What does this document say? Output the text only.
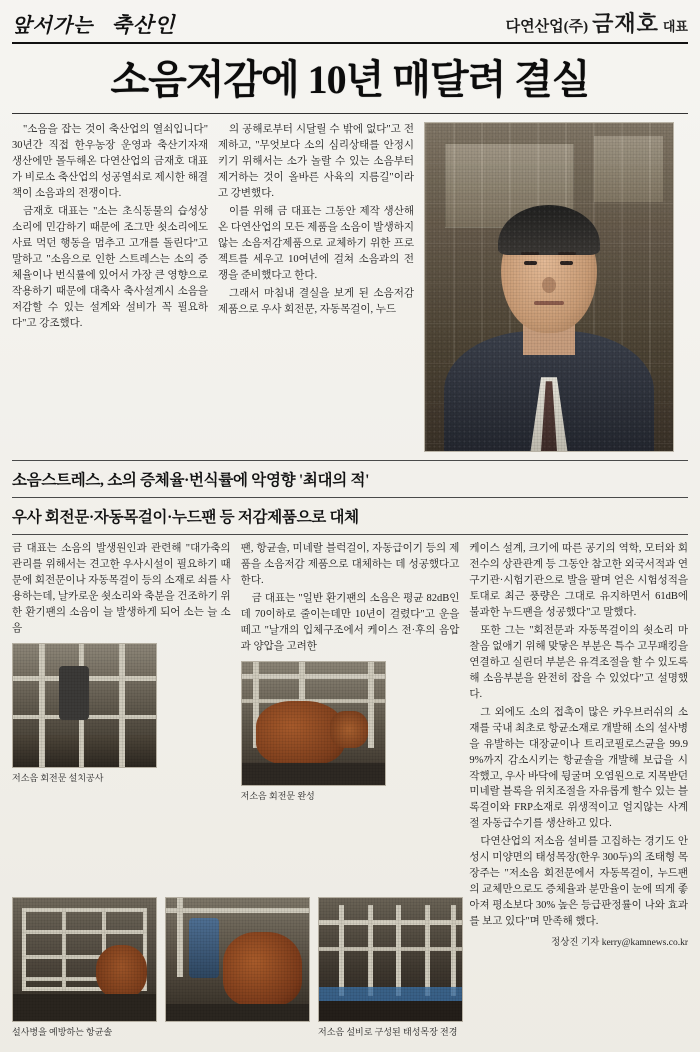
앞서가는 축산인	다연산업(주) 금재호 대표
소음저감에 10년 매달려 결실

"소음을 잡는 것이 축산업의 열쇠입니다" 30년간 직접 한우농장 운영과 축산기자재 생산에만 몰두해온 다연산업의 금재호 대표가 비로소 축산업의 성공열쇠로 제시한 해결책이 소음과의 전쟁이다.

금재호 대표는 "소는 초식동물의 습성상 소리에 민감하기 때문에 조그만 쇳소리에도 사료 먹던 행동을 멈추고 고개를 돌린다"고 말하고 "소음으로 인한 스트레스는 소의 증체율이나 번식률에 있어서 가장 큰 영향으로 작용하기 때문에 대축사 축사설계시 소음을 저감할 수 있는 설계와 설비가 꼭 필요하다"고 강조했다.

의 공해로부터 시달릴 수 밖에 없다"고 전제하고, "무엇보다 소의 심리상태를 안정시키기 위해서는 소가 놀랄 수 있는 소음부터 제거하는 것이 올바른 사육의 지름길"이라고 강변했다.

이를 위해 금 대표는 그동안 제작 생산해온 다연산업의 모든 제품을 소음이 발생하지 않는 소음저감제품으로 교체하기 위한 프로젝트를 세우고 10여년에 걸쳐 소음과의 전쟁을 준비했다고 한다.

그래서 마침내 결실을 보게 된 소음저감 제품으로 우사 회전문, 자동목걸이, 누드

소음스트레스, 소의 증체율·번식률에 악영향 '최대의 적'
우사 회전문·자동목걸이·누드팬 등 저감제품으로 대체

금 대표는 소음의 발생원인과 관련해 "대가축의 관리를 위해서는 견고한 우사시설이 필요하기 때문에 회전문이나 자동목걸이 등의 소재로 쇠를 사용하는데, 날카로운 쇳소리와 축분을 건조하기 위한 환기팬의 소음이 늘 발생하게 되어 소는 늘 소음

저소음 회전문 설치공사

팬, 항균솔, 미네랄 블럭걸이, 자동급이기 등의 제품을 소음저감 제품으로 대체하는 데 성공했다고 한다.

금 대표는 "일반 환기팬의 소음은 평균 82dB인데 70이하로 줄이는데만 10년이 걸렸다"고 운을 떼고 "날개의 입체구조에서 케이스 전·후의 음압과 양압을 고려한

저소음 회전문 완성

케이스 설계, 크기에 따른 공기의 역학, 모터와 회전수의 상관관계 등 그동안 참고한 외국서적과 연구기관·시험기관으로 발을 팔며 얻은 시험성적을 토대로 최근 풍량은 그대로 유지하면서 61dB에 불과한 누드팬을 성공했다"고 말했다.

또한 그는 "회전문과 자동목걸이의 쇳소리 마찰음 없애기 위해 맞닿은 부분은 특수 고무패킹을 연결하고 실린더 부분은 유격조절을 할 수 있도록 해 소음부분을 완전히 잡을 수 있었다"고 설명했다.

그 외에도 소의 접촉이 많은 카우브러쉬의 소재를 국내 최초로 항균소재로 개발해 소의 설사병을 유발하는 대장균이나 트리코필로스균을 99.99%까지 감소시키는 항균솔을 개발해 보급을 시작했고, 우사 바닥에 뒹굴며 오염원으로 지목받던 미네랄 블록을 위치조절을 자유롭게 할수 있는 블록걸이와 FRP소재로 위생적이고 얼지않는 사계절 자동급수기를 생산하고 있다.

다연산업의 저소음 설비를 고집하는 경기도 안성시 미양면의 태성목장(한우 300두)의 조태형 목장주는 "저소음 회전문에서 자동목걸이, 누드팬의 교체만으로도 증체율과 분만율이 눈에 띄게 좋아져 평소보다 30% 높은 등급판정률이 나와 효과를 보고 있다"며 만족해 했다.

정상진 기자 kerry@kamnews.co.kr
설사병을 예방하는 항균솔
	저소음 설비로 구성된 태성목장 전경
